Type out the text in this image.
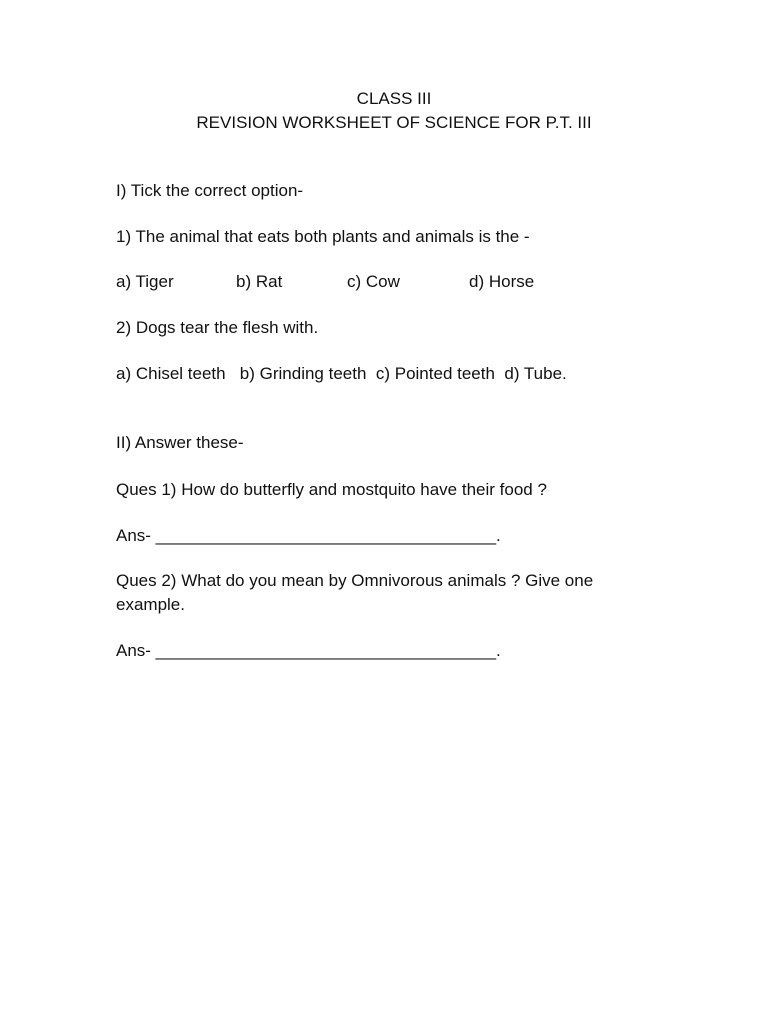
CLASS III

REVISION WORKSHEET OF SCIENCE FOR P.T. III

I) Tick the correct option-

1) The animal that eats both plants and animals is the -

a) Tiger	b) Rat	c) Cow	d) Horse

2) Dogs tear the flesh with.

a) Chisel teeth   b) Grinding teeth  c) Pointed teeth  d) Tube.

II) Answer these-

Ques 1) How do butterfly and mostquito have their food ?

Ans- ____________________________________.

Ques 2) What do you mean by Omnivorous animals ? Give one

example.

Ans- ____________________________________.
